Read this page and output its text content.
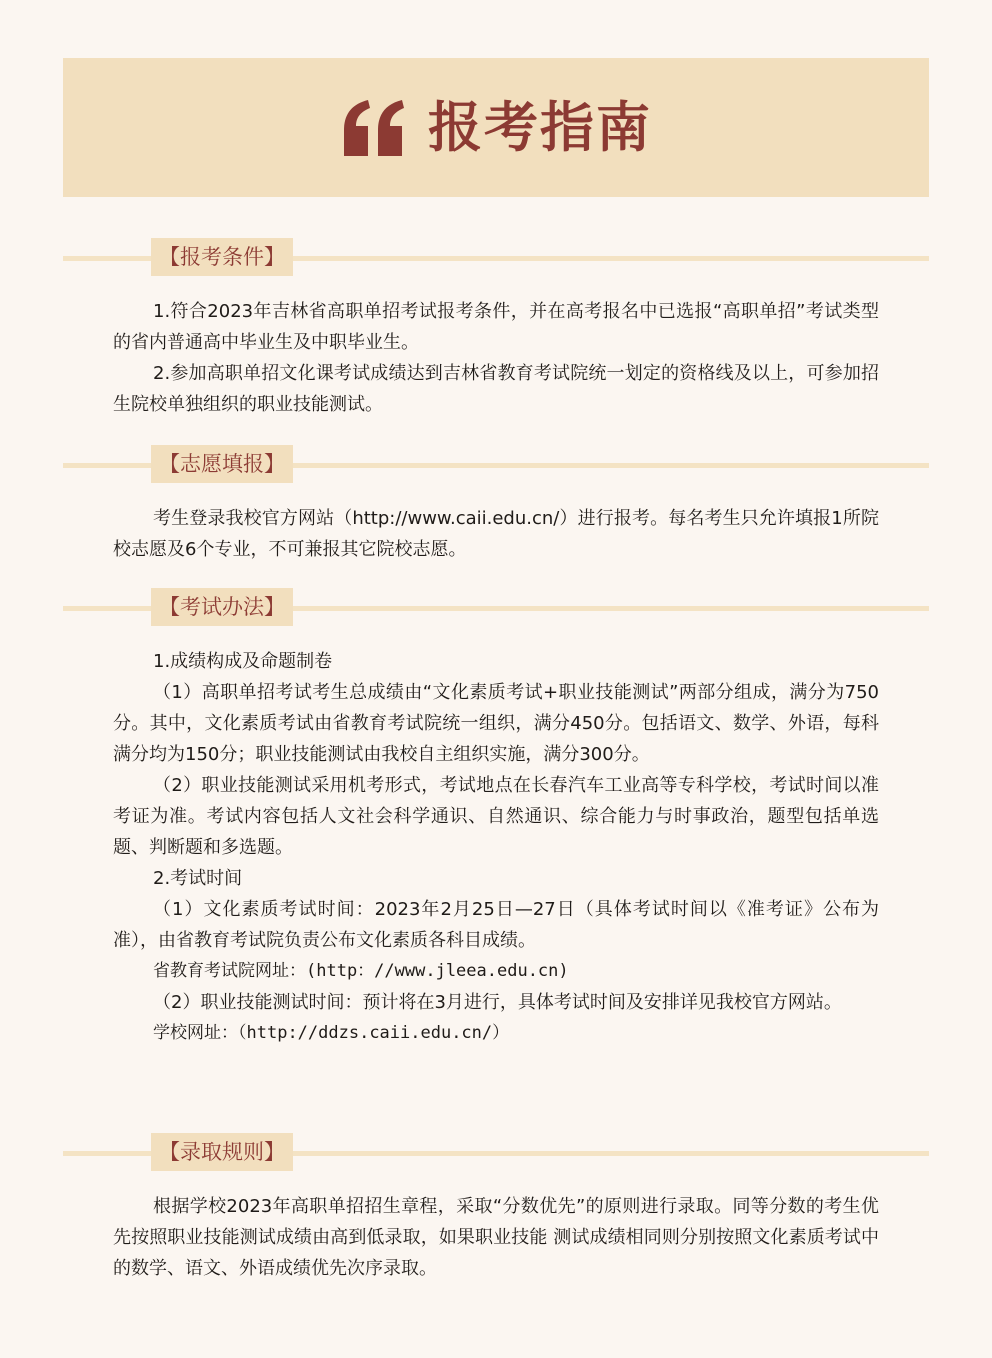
报考指南
【报考条件】

1.符合2023年吉林省高职单招考试报考条件，并在高考报名中已选报“高职单招”考试类型的省内普通高中毕业生及中职毕业生。

2.参加高职单招文化课考试成绩达到吉林省教育考试院统一划定的资格线及以上，可参加招生院校单独组织的职业技能测试。

【志愿填报】

考生登录我校官方网站（http://www.caii.edu.cn/）进行报考。每名考生只允许填报1所院校志愿及6个专业，不可兼报其它院校志愿。

【考试办法】

1.成绩构成及命题制卷

（1）高职单招考试考生总成绩由“文化素质考试+职业技能测试”两部分组成，满分为750分。其中，文化素质考试由省教育考试院统一组织，满分450分。包括语文、数学、外语，每科满分均为150分；职业技能测试由我校自主组织实施，满分300分。

（2）职业技能测试采用机考形式，考试地点在长春汽车工业高等专科学校，考试时间以准考证为准。考试内容包括人文社会科学通识、自然通识、综合能力与时事政治，题型包括单选题、判断题和多选题。

2.考试时间

（1）文化素质考试时间：2023年2月25日—27日（具体考试时间以《准考证》公布为准），由省教育考试院负责公布文化素质各科目成绩。

省教育考试院网址：(http：//www.jleea.edu.cn)

（2）职业技能测试时间：预计将在3月进行，具体考试时间及安排详见我校官方网站。

学校网址：（http://ddzs.caii.edu.cn/）

【录取规则】

根据学校2023年高职单招招生章程，采取“分数优先”的原则进行录取。同等分数的考生优先按照职业技能测试成绩由高到低录取，如果职业技能 测试成绩相同则分别按照文化素质考试中的数学、语文、外语成绩优先次序录取。
